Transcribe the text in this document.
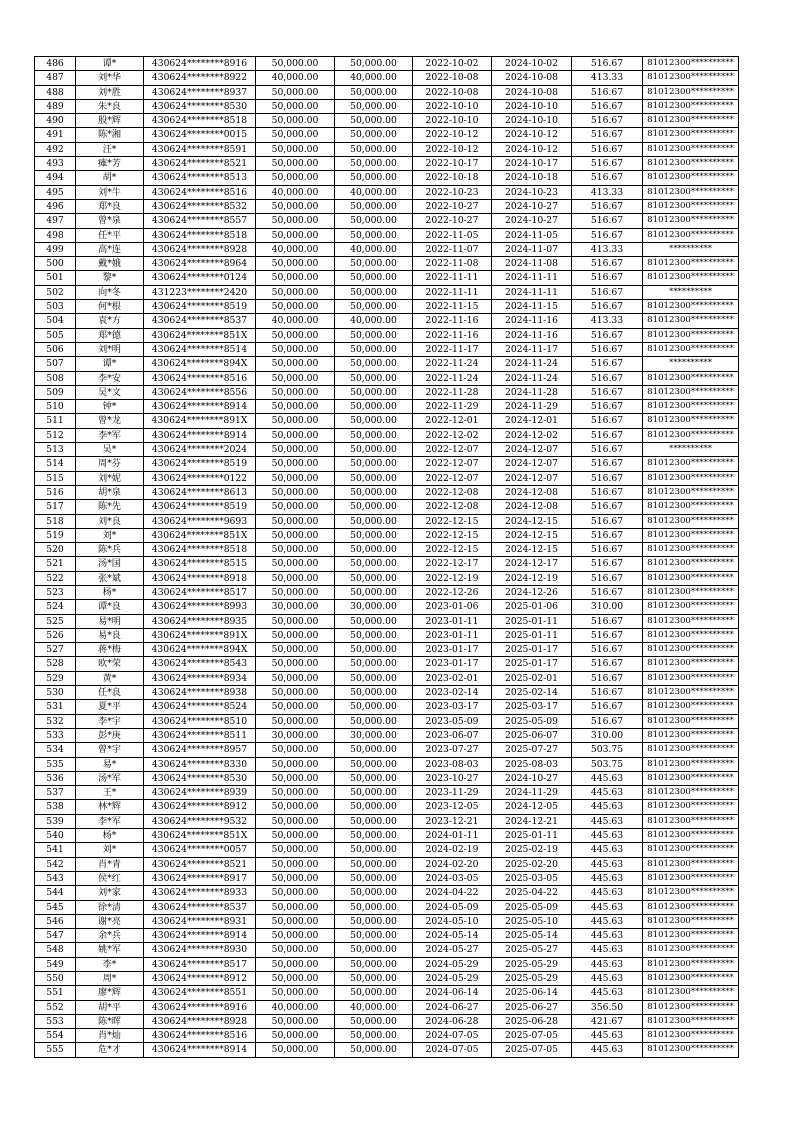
486	谭*	430624********8916	50,000.00	50,000.00	2022-10-02	2024-10-02	516.67	81012300**********
487	刘*华	430624********8922	40,000.00	40,000.00	2022-10-08	2024-10-08	413.33	81012300**********
488	刘*胜	430624********8937	50,000.00	50,000.00	2022-10-08	2024-10-08	516.67	81012300**********
489	朱*良	430624********8530	50,000.00	50,000.00	2022-10-10	2024-10-10	516.67	81012300**********
490	殷*辉	430624********8518	50,000.00	50,000.00	2022-10-10	2024-10-10	516.67	81012300**********
491	陈*湘	430624********0015	50,000.00	50,000.00	2022-10-12	2024-10-12	516.67	81012300**********
492	汪*	430624********8591	50,000.00	50,000.00	2022-10-12	2024-10-12	516.67	81012300**********
493	瘫*芳	430624********8521	50,000.00	50,000.00	2022-10-17	2024-10-17	516.67	81012300**********
494	胡*	430624********8513	50,000.00	50,000.00	2022-10-18	2024-10-18	516.67	81012300**********
495	刘*牛	430624********8516	40,000.00	40,000.00	2022-10-23	2024-10-23	413.33	81012300**********
496	郑*良	430624********8532	50,000.00	50,000.00	2022-10-27	2024-10-27	516.67	81012300**********
497	曾*泉	430624********8557	50,000.00	50,000.00	2022-10-27	2024-10-27	516.67	81012300**********
498	任*平	430624********8518	50,000.00	50,000.00	2022-11-05	2024-11-05	516.67	81012300**********
499	高*连	430624********8928	40,000.00	40,000.00	2022-11-07	2024-11-07	413.33	**********
500	戴*娥	430624********8964	50,000.00	50,000.00	2022-11-08	2024-11-08	516.67	81012300**********
501	黎*	430624********0124	50,000.00	50,000.00	2022-11-11	2024-11-11	516.67	81012300**********
502	向*冬	431223********2420	50,000.00	50,000.00	2022-11-11	2024-11-11	516.67	**********
503	何*根	430624********8519	50,000.00	50,000.00	2022-11-15	2024-11-15	516.67	81012300**********
504	袁*方	430624********8537	40,000.00	40,000.00	2022-11-16	2024-11-16	413.33	81012300**********
505	郑*德	430624********851X	50,000.00	50,000.00	2022-11-16	2024-11-16	516.67	81012300**********
506	刘*明	430624********8514	50,000.00	50,000.00	2022-11-17	2024-11-17	516.67	81012300**********
507	谭*	430624********894X	50,000.00	50,000.00	2022-11-24	2024-11-24	516.67	**********
508	李*安	430624********8516	50,000.00	50,000.00	2022-11-24	2024-11-24	516.67	81012300**********
509	吴*文	430624********8556	50,000.00	50,000.00	2022-11-28	2024-11-28	516.67	81012300**********
510	钟*	430624********8914	50,000.00	50,000.00	2022-11-29	2024-11-29	516.67	81012300**********
511	曾*龙	430624********891X	50,000.00	50,000.00	2022-12-01	2024-12-01	516.67	81012300**********
512	李*军	430624********8914	50,000.00	50,000.00	2022-12-02	2024-12-02	516.67	81012300**********
513	吴*	430624********2024	50,000.00	50,000.00	2022-12-07	2024-12-07	516.67	**********
514	周*芬	430624********8519	50,000.00	50,000.00	2022-12-07	2024-12-07	516.67	81012300**********
515	刘*妮	430624********0122	50,000.00	50,000.00	2022-12-07	2024-12-07	516.67	81012300**********
516	胡*泉	430624********8613	50,000.00	50,000.00	2022-12-08	2024-12-08	516.67	81012300**********
517	陈*先	430624********8519	50,000.00	50,000.00	2022-12-08	2024-12-08	516.67	81012300**********
518	刘*良	430624********9693	50,000.00	50,000.00	2022-12-15	2024-12-15	516.67	81012300**********
519	刘*	430624********851X	50,000.00	50,000.00	2022-12-15	2024-12-15	516.67	81012300**********
520	陈*兵	430624********8518	50,000.00	50,000.00	2022-12-15	2024-12-15	516.67	81012300**********
521	汤*国	430624********8515	50,000.00	50,000.00	2022-12-17	2024-12-17	516.67	81012300**********
522	张*斌	430624********8918	50,000.00	50,000.00	2022-12-19	2024-12-19	516.67	81012300**********
523	杨*	430624********8517	50,000.00	50,000.00	2022-12-26	2024-12-26	516.67	81012300**********
524	谭*良	430624********8993	30,000.00	30,000.00	2023-01-06	2025-01-06	310.00	81012300**********
525	易*明	430624********8935	50,000.00	50,000.00	2023-01-11	2025-01-11	516.67	81012300**********
526	易*良	430624********891X	50,000.00	50,000.00	2023-01-11	2025-01-11	516.67	81012300**********
527	蒋*梅	430624********894X	50,000.00	50,000.00	2023-01-17	2025-01-17	516.67	81012300**********
528	欧*荣	430624********8543	50,000.00	50,000.00	2023-01-17	2025-01-17	516.67	81012300**********
529	黄*	430624********8934	50,000.00	50,000.00	2023-02-01	2025-02-01	516.67	81012300**********
530	任*良	430624********8938	50,000.00	50,000.00	2023-02-14	2025-02-14	516.67	81012300**********
531	夏*平	430624********8524	50,000.00	50,000.00	2023-03-17	2025-03-17	516.67	81012300**********
532	李*宇	430624********8510	50,000.00	50,000.00	2023-05-09	2025-05-09	516.67	81012300**********
533	彭*庚	430624********8511	30,000.00	30,000.00	2023-06-07	2025-06-07	310.00	81012300**********
534	曾*宇	430624********8957	50,000.00	50,000.00	2023-07-27	2025-07-27	503.75	81012300**********
535	易*	430624********8330	50,000.00	50,000.00	2023-08-03	2025-08-03	503.75	81012300**********
536	汤*军	430624********8530	50,000.00	50,000.00	2023-10-27	2024-10-27	445.63	81012300**********
537	王*	430624********8939	50,000.00	50,000.00	2023-11-29	2024-11-29	445.63	81012300**********
538	林*辉	430624********8912	50,000.00	50,000.00	2023-12-05	2024-12-05	445.63	81012300**********
539	李*军	430624********9532	50,000.00	50,000.00	2023-12-21	2024-12-21	445.63	81012300**********
540	杨*	430624********851X	50,000.00	50,000.00	2024-01-11	2025-01-11	445.63	81012300**********
541	刘*	430624********0057	50,000.00	50,000.00	2024-02-19	2025-02-19	445.63	81012300**********
542	肖*青	430624********8521	50,000.00	50,000.00	2024-02-20	2025-02-20	445.63	81012300**********
543	侯*红	430624********8917	50,000.00	50,000.00	2024-03-05	2025-03-05	445.63	81012300**********
544	刘*家	430624********8933	50,000.00	50,000.00	2024-04-22	2025-04-22	445.63	81012300**********
545	徐*清	430624********8537	50,000.00	50,000.00	2024-05-09	2025-05-09	445.63	81012300**********
546	谢*亮	430624********8931	50,000.00	50,000.00	2024-05-10	2025-05-10	445.63	81012300**********
547	余*兵	430624********8914	50,000.00	50,000.00	2024-05-14	2025-05-14	445.63	81012300**********
548	姚*军	430624********8930	50,000.00	50,000.00	2024-05-27	2025-05-27	445.63	81012300**********
549	李*	430624********8517	50,000.00	50,000.00	2024-05-29	2025-05-29	445.63	81012300**********
550	周*	430624********8912	50,000.00	50,000.00	2024-05-29	2025-05-29	445.63	81012300**********
551	廖*辉	430624********8551	50,000.00	50,000.00	2024-06-14	2025-06-14	445.63	81012300**********
552	胡*平	430624********8916	40,000.00	40,000.00	2024-06-27	2025-06-27	356.50	81012300**********
553	陈*晖	430624********8928	50,000.00	50,000.00	2024-06-28	2025-06-28	421.67	81012300**********
554	肖*灿	430624********8516	50,000.00	50,000.00	2024-07-05	2025-07-05	445.63	81012300**********
555	危*才	430624********8914	50,000.00	50,000.00	2024-07-05	2025-07-05	445.63	81012300**********
